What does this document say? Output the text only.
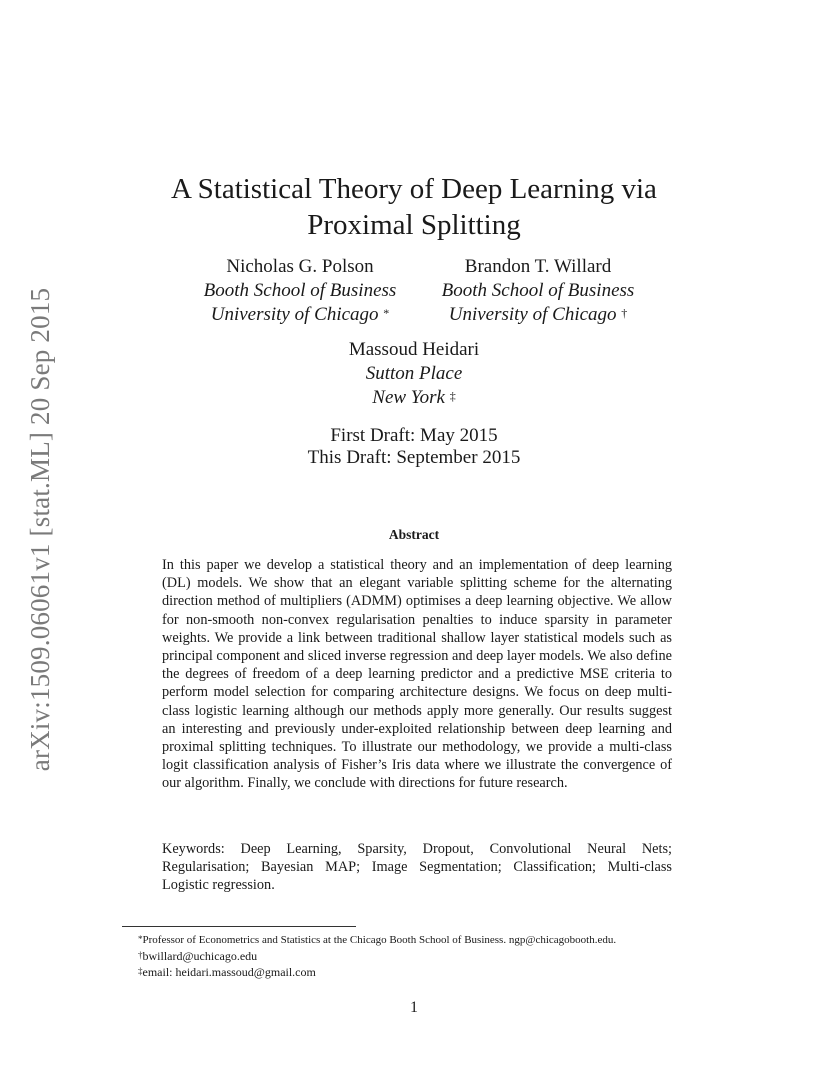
arXiv:1509.06061v1 [stat.ML] 20 Sep 2015
A Statistical Theory of Deep Learning via
Proximal Splitting
Nicholas G. Polson
Booth School of Business
University of Chicago *
Brandon T. Willard
Booth School of Business
University of Chicago †
Massoud Heidari
Sutton Place
New York ‡
First Draft: May 2015
This Draft: September 2015
Abstract

In this paper we develop a statistical theory and an implementation of deep learning (DL) models. We show that an elegant variable splitting scheme for the alternating direction method of multipliers (ADMM) optimises a deep learning objective. We allow for non-smooth non-convex regularisation penalties to induce sparsity in parameter weights. We provide a link between traditional shallow layer statistical models such as principal component and sliced inverse regression and deep layer models. We also define the degrees of freedom of a deep learning predictor and a predictive MSE criteria to perform model selection for comparing architecture designs. We focus on deep multi-class logistic learning although our methods apply more generally. Our results suggest an interesting and previously under-exploited relationship between deep learning and proximal splitting techniques. To illustrate our methodology, we provide a multi-class logit classification analysis of Fisher’s Iris data where we illustrate the convergence of our algorithm. Finally, we conclude with directions for future research.

Keywords: Deep Learning, Sparsity, Dropout, Convolutional Neural Nets; Regularisation; Bayesian MAP; Image Segmentation; Classification; Multi-class Logistic regression.

*Professor of Econometrics and Statistics at the Chicago Booth School of Business. ngp@chicagobooth.edu.
†bwillard@uchicago.edu
‡email: heidari.massoud@gmail.com
1
